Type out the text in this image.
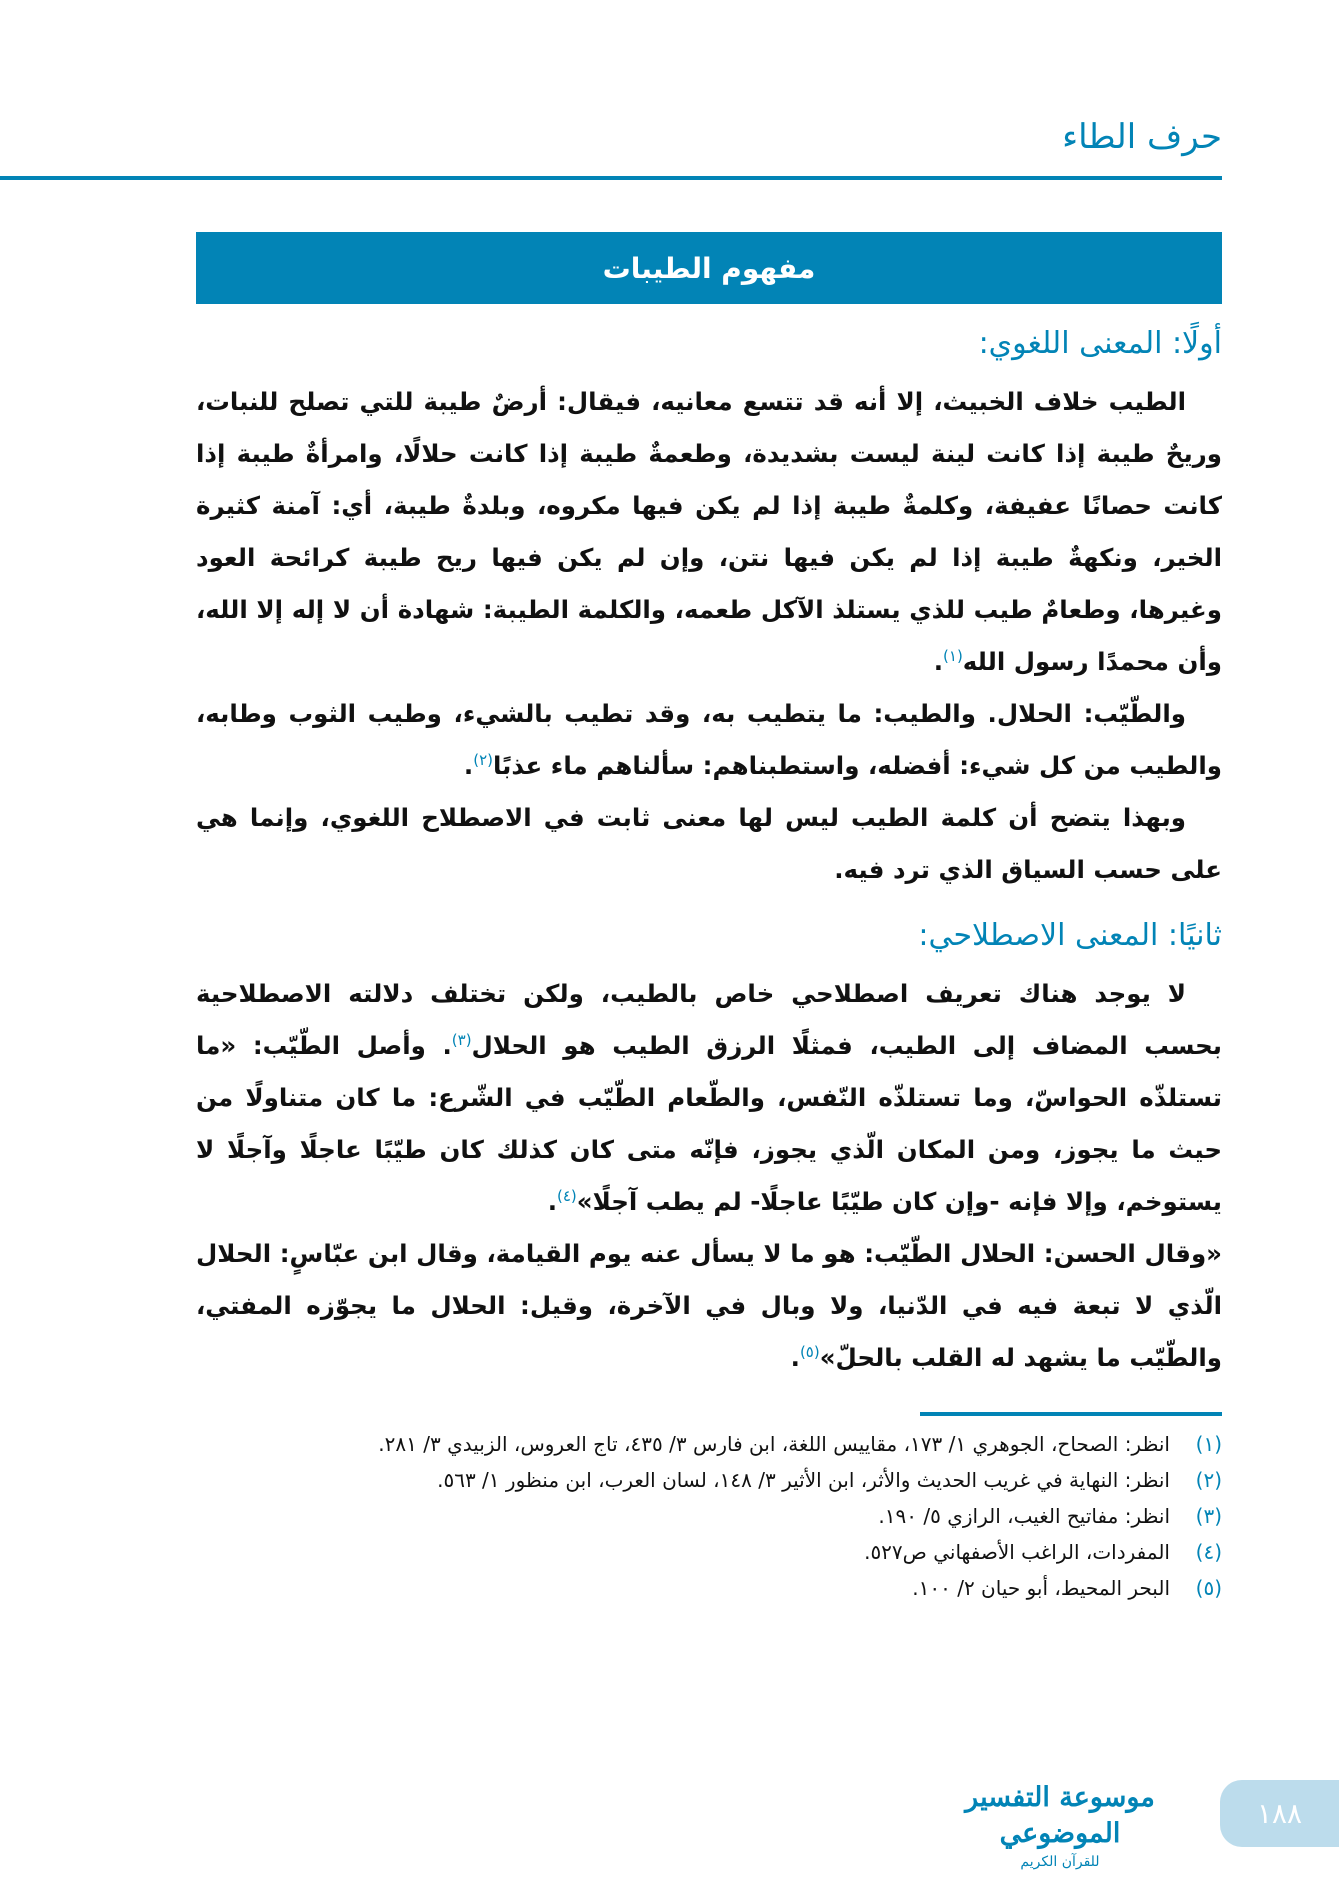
حرف الطاء
مفهوم الطيبات
أولًا: المعنى اللغوي:

الطيب خلاف الخبيث، إلا أنه قد تتسع معانيه، فيقال: أرضٌ طيبة للتي تصلح للنبات، وريحٌ طيبة إذا كانت لينة ليست بشديدة، وطعمةٌ طيبة إذا كانت حلالًا، وامرأةٌ طيبة إذا كانت حصانًا عفيفة، وكلمةٌ طيبة إذا لم يكن فيها مكروه، وبلدةٌ طيبة، أي: آمنة كثيرة الخير، ونكهةٌ طيبة إذا لم يكن فيها نتن، وإن لم يكن فيها ريح طيبة كرائحة العود وغيرها، وطعامٌ طيب للذي يستلذ الآكل طعمه، والكلمة الطيبة: شهادة أن لا إله إلا الله، وأن محمدًا رسول الله$^{(١)}$.

والطّيّب: الحلال. والطيب: ما يتطيب به، وقد تطيب بالشيء، وطيب الثوب وطابه، والطيب من كل شيء: أفضله، واستطبناهم: سألناهم ماء عذبًا$^{(٢)}$.

وبهذا يتضح أن كلمة الطيب ليس لها معنى ثابت في الاصطلاح اللغوي، وإنما هي على حسب السياق الذي ترد فيه.

ثانيًا: المعنى الاصطلاحي:

لا يوجد هناك تعريف اصطلاحي خاص بالطيب، ولكن تختلف دلالته الاصطلاحية بحسب المضاف إلى الطيب، فمثلًا الرزق الطيب هو الحلال$^{(٣)}$. وأصل الطّيّب: «ما تستلذّه الحواسّ، وما تستلذّه النّفس، والطّعام الطّيّب في الشّرع: ما كان متناولًا من حيث ما يجوز، ومن المكان الّذي يجوز، فإنّه متى كان كذلك كان طيّبًا عاجلًا وآجلًا لا يستوخم، وإلا فإنه -وإن كان طيّبًا عاجلًا- لم يطب آجلًا»$^{(٤)}$.

«وقال الحسن: الحلال الطّيّب: هو ما لا يسأل عنه يوم القيامة، وقال ابن عبّاسٍ: الحلال الّذي لا تبعة فيه في الدّنيا، ولا وبال في الآخرة، وقيل: الحلال ما يجوّزه المفتي، والطّيّب ما يشهد له القلب بالحلّ»$^{(٥)}$.

(١)
انظر: الصحاح، الجوهري ١/ ١٧٣، مقاييس اللغة، ابن فارس ٣/ ٤٣٥، تاج العروس، الزبيدي ٣/ ٢٨١.
(٢)
انظر: النهاية في غريب الحديث والأثر، ابن الأثير ٣/ ١٤٨، لسان العرب، ابن منظور ١/ ٥٦٣.
(٣)
انظر: مفاتيح الغيب، الرازي ٥/ ١٩٠.
(٤)
المفردات، الراغب الأصفهاني ص٥٢٧.
(٥)
البحر المحيط، أبو حيان ٢/ ١٠٠.
موسوعة التفسير الموضوعي
للقرآن الكريم
١٨٨
